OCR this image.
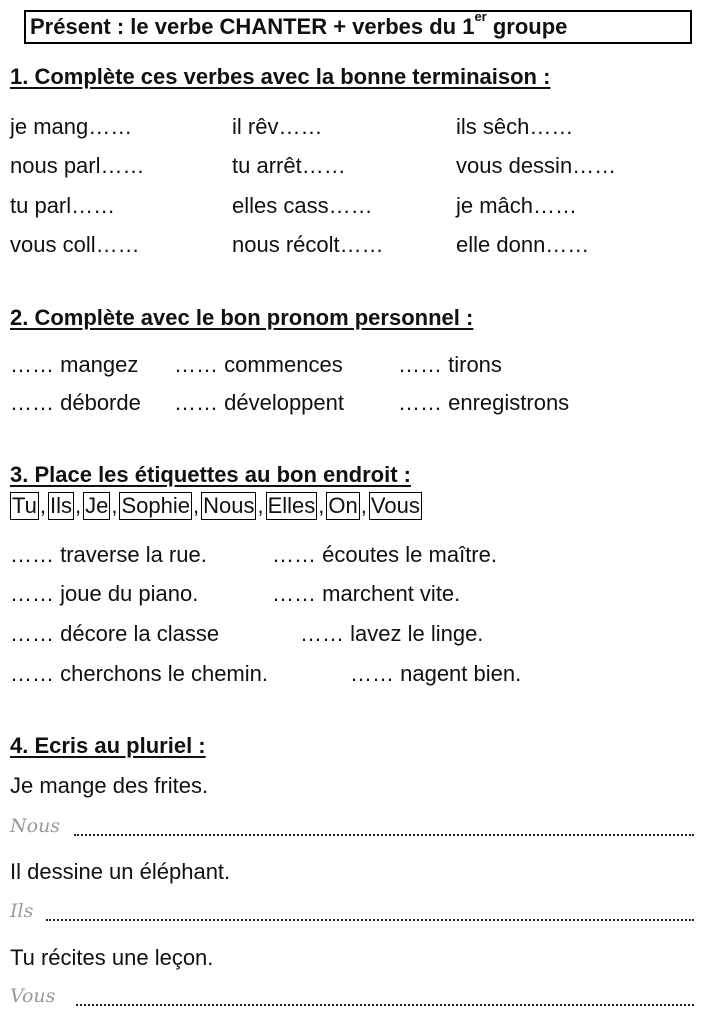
Présent : le verbe CHANTER + verbes du 1er groupe
1. Complète ces verbes avec la bonne terminaison :
je mang……	il rêv……	ils sêch……
nous parl……	tu arrêt……	vous dessin……
tu parl……	elles cass……	je mâch……
vous coll……	nous récolt……	elle donn……
2. Complète avec le bon pronom personnel :
…… mangez …… commences	…… tirons
…… déborde …… développent …… enregistrons
3. Place les étiquettes au bon endroit :
Tu , Ils , Je , Sophie , Nous , Elles , On , Vous
…… traverse la rue.	…… écoutes le maître.
…… joue du piano.	…… marchent vite.
…… décore la classe	…… lavez le linge.
…… cherchons le chemin.	…… nagent bien.
4. Ecris au pluriel :
Je mange des frites.
Nous
Il dessine un éléphant.
Ils
Tu récites une leçon.
Vous
